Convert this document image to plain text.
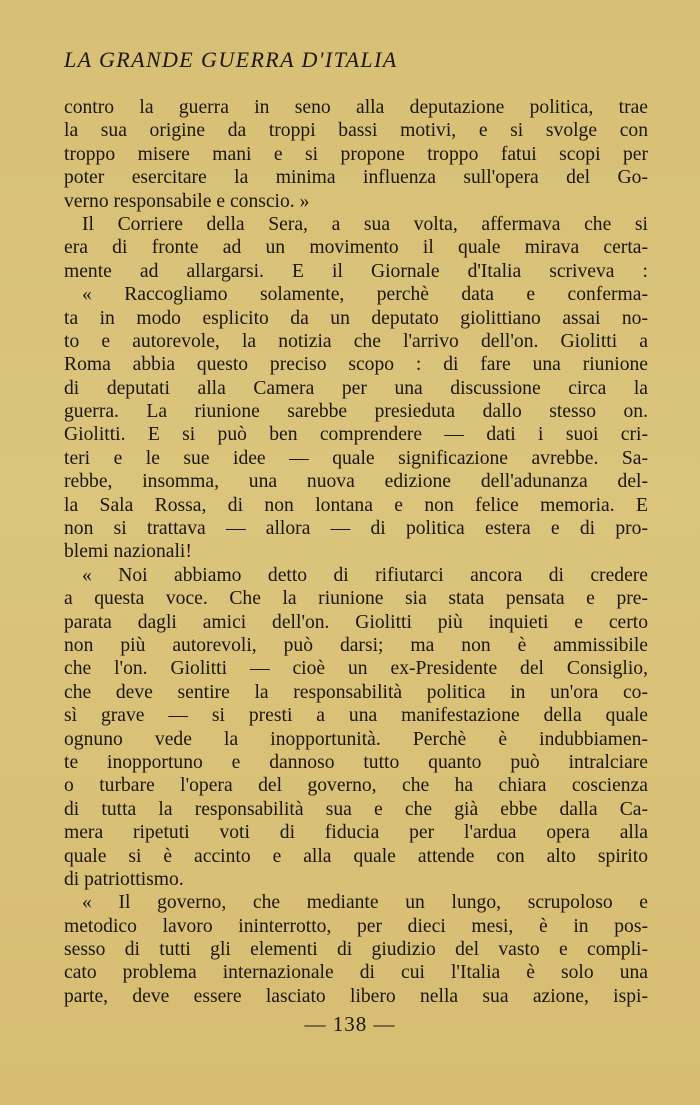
LA GRANDE GUERRA D'ITALIA
contro la guerra in seno alla deputazione politica, trae
la sua origine da troppi bassi motivi, e si svolge con
troppo misere mani e si propone troppo fatui scopi per
poter esercitare la minima influenza sull'opera del Go-
verno responsabile e conscio. »
Il Corriere della Sera, a sua volta, affermava che si
era di fronte ad un movimento il quale mirava certa-
mente ad allargarsi. E il Giornale d'Italia scriveva :
« Raccogliamo solamente, perchè data e conferma-
ta in modo esplicito da un deputato giolittiano assai no-
to e autorevole, la notizia che l'arrivo dell'on. Giolitti a
Roma abbia questo preciso scopo : di fare una riunione
di deputati alla Camera per una discussione circa la
guerra. La riunione sarebbe presieduta dallo stesso on.
Giolitti. E si può ben comprendere — dati i suoi cri-
teri e le sue idee — quale significazione avrebbe. Sa-
rebbe, insomma, una nuova edizione dell'adunanza del-
la Sala Rossa, di non lontana e non felice memoria. E
non si trattava — allora — di politica estera e di pro-
blemi nazionali!
« Noi abbiamo detto di rifiutarci ancora di credere
a questa voce. Che la riunione sia stata pensata e pre-
parata dagli amici dell'on. Giolitti più inquieti e certo
non più autorevoli, può darsi; ma non è ammissibile
che l'on. Giolitti — cioè un ex-Presidente del Consiglio,
che deve sentire la responsabilità politica in un'ora co-
sì grave — si presti a una manifestazione della quale
ognuno vede la inopportunità. Perchè è indubbiamen-
te inopportuno e dannoso tutto quanto può intralciare
o turbare l'opera del governo, che ha chiara coscienza
di tutta la responsabilità sua e che già ebbe dalla Ca-
mera ripetuti voti di fiducia per l'ardua opera alla
quale si è accinto e alla quale attende con alto spirito
di patriottismo.
« Il governo, che mediante un lungo, scrupoloso e
metodico lavoro ininterrotto, per dieci mesi, è in pos-
sesso di tutti gli elementi di giudizio del vasto e compli-
cato problema internazionale di cui l'Italia è solo una
parte, deve essere lasciato libero nella sua azione, ispi-
— 138 —
